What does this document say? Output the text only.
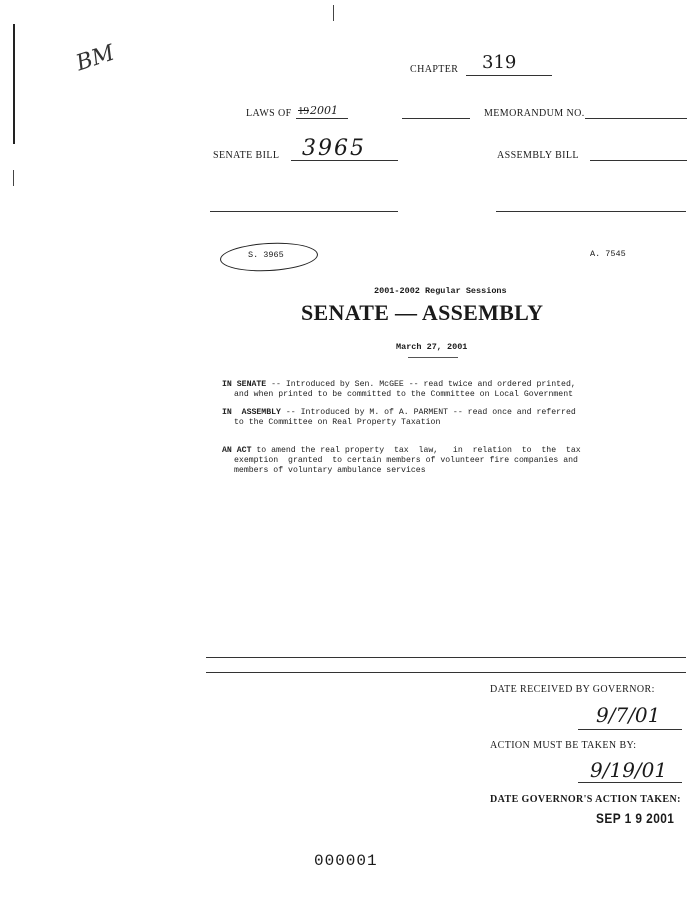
BM	CHAPTER 319
LAWS OF 192001	MEMORANDUM NO.
SENATE BILL 3965	ASSEMBLY BILL
S. 3965	A. 7545
2001-2002 Regular Sessions
SENATE — ASSEMBLY
March 27, 2001
IN SENATE -- Introduced by Sen. McGEE -- read twice and ordered printed,
and when printed to be committed to the Committee on Local Government
IN  ASSEMBLY -- Introduced by M. of A. PARMENT -- read once and referred
to the Committee on Real Property Taxation
AN ACT to amend the real property  tax  law,   in  relation  to  the  tax
exemption  granted  to certain members of volunteer fire companies and
members of voluntary ambulance services
DATE RECEIVED BY GOVERNOR:
9/7/01
ACTION MUST BE TAKEN BY:
9/19/01
DATE GOVERNOR'S ACTION TAKEN:
SEP 1 9 2001
000001
